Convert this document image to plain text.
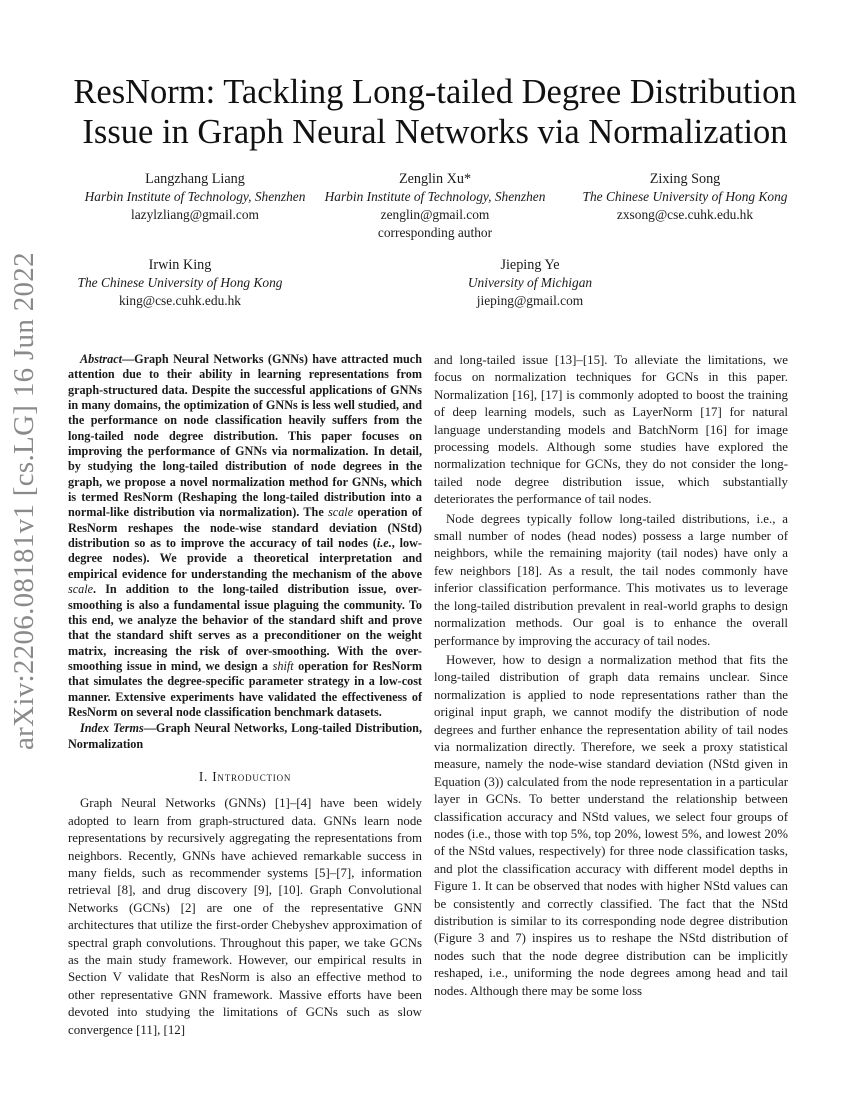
arXiv:2206.08181v1 [cs.LG] 16 Jun 2022
ResNorm: Tackling Long-tailed Degree Distribution
Issue in Graph Neural Networks via Normalization
Langzhang Liang
Harbin Institute of Technology, Shenzhen
lazylzliang@gmail.com
Zenglin Xu*
Harbin Institute of Technology, Shenzhen
zenglin@gmail.com
corresponding author
Zixing Song
The Chinese University of Hong Kong
zxsong@cse.cuhk.edu.hk
Irwin King
The Chinese University of Hong Kong
king@cse.cuhk.edu.hk
Jieping Ye
University of Michigan
jieping@gmail.com

Abstract—Graph Neural Networks (GNNs) have attracted much attention due to their ability in learning representations from graph-structured data. Despite the successful applications of GNNs in many domains, the optimization of GNNs is less well studied, and the performance on node classification heavily suffers from the long-tailed node degree distribution. This paper focuses on improving the performance of GNNs via normalization. In detail, by studying the long-tailed distribution of node degrees in the graph, we propose a novel normalization method for GNNs, which is termed ResNorm (Reshaping the long-tailed distribution into a normal-like distribution via normalization). The scale operation of ResNorm reshapes the node-wise standard deviation (NStd) distribution so as to improve the accuracy of tail nodes (i.e., low-degree nodes). We provide a theoretical interpretation and empirical evidence for understanding the mechanism of the above scale. In addition to the long-tailed distribution issue, over-smoothing is also a fundamental issue plaguing the community. To this end, we analyze the behavior of the standard shift and prove that the standard shift serves as a preconditioner on the weight matrix, increasing the risk of over-smoothing. With the over-smoothing issue in mind, we design a shift operation for ResNorm that simulates the degree-specific parameter strategy in a low-cost manner. Extensive experiments have validated the effectiveness of ResNorm on several node classification benchmark datasets.

Index Terms—Graph Neural Networks, Long-tailed Distribution, Normalization

I. Introduction

Graph Neural Networks (GNNs) [1]–[4] have been widely adopted to learn from graph-structured data. GNNs learn node representations by recursively aggregating the representations from neighbors. Recently, GNNs have achieved remarkable success in many fields, such as recommender systems [5]–[7], information retrieval [8], and drug discovery [9], [10]. Graph Convolutional Networks (GCNs) [2] are one of the representative GNN architectures that utilize the first-order Chebyshev approximation of spectral graph convolutions. Throughout this paper, we take GCNs as the main study framework. However, our empirical results in Section V validate that ResNorm is also an effective method to other representative GNN framework. Massive efforts have been devoted into studying the limitations of GCNs such as slow convergence [11], [12]

and long-tailed issue [13]–[15]. To alleviate the limitations, we focus on normalization techniques for GCNs in this paper. Normalization [16], [17] is commonly adopted to boost the training of deep learning models, such as LayerNorm [17] for natural language understanding models and BatchNorm [16] for image processing models. Although some studies have explored the normalization technique for GCNs, they do not consider the long-tailed node degree distribution issue, which substantially deteriorates the performance of tail nodes.

Node degrees typically follow long-tailed distributions, i.e., a small number of nodes (head nodes) possess a large number of neighbors, while the remaining majority (tail nodes) have only a few neighbors [18]. As a result, the tail nodes commonly have inferior classification performance. This motivates us to leverage the long-tailed distribution prevalent in real-world graphs to design normalization methods. Our goal is to enhance the overall performance by improving the accuracy of tail nodes.

However, how to design a normalization method that fits the long-tailed distribution of graph data remains unclear. Since normalization is applied to node representations rather than the original input graph, we cannot modify the distribution of node degrees and further enhance the representation ability of tail nodes via normalization directly. Therefore, we seek a proxy statistical measure, namely the node-wise standard deviation (NStd given in Equation (3)) calculated from the node representation in a particular layer in GCNs. To better understand the relationship between classification accuracy and NStd values, we select four groups of nodes (i.e., those with top 5%, top 20%, lowest 5%, and lowest 20% of the NStd values, respectively) for three node classification tasks, and plot the classification accuracy with different model depths in Figure 1. It can be observed that nodes with higher NStd values can be consistently and correctly classified. The fact that the NStd distribution is similar to its corresponding node degree distribution (Figure 3 and 7) inspires us to reshape the NStd distribution of nodes such that the node degree distribution can be implicitly reshaped, i.e., uniforming the node degrees among head and tail nodes. Although there may be some loss
